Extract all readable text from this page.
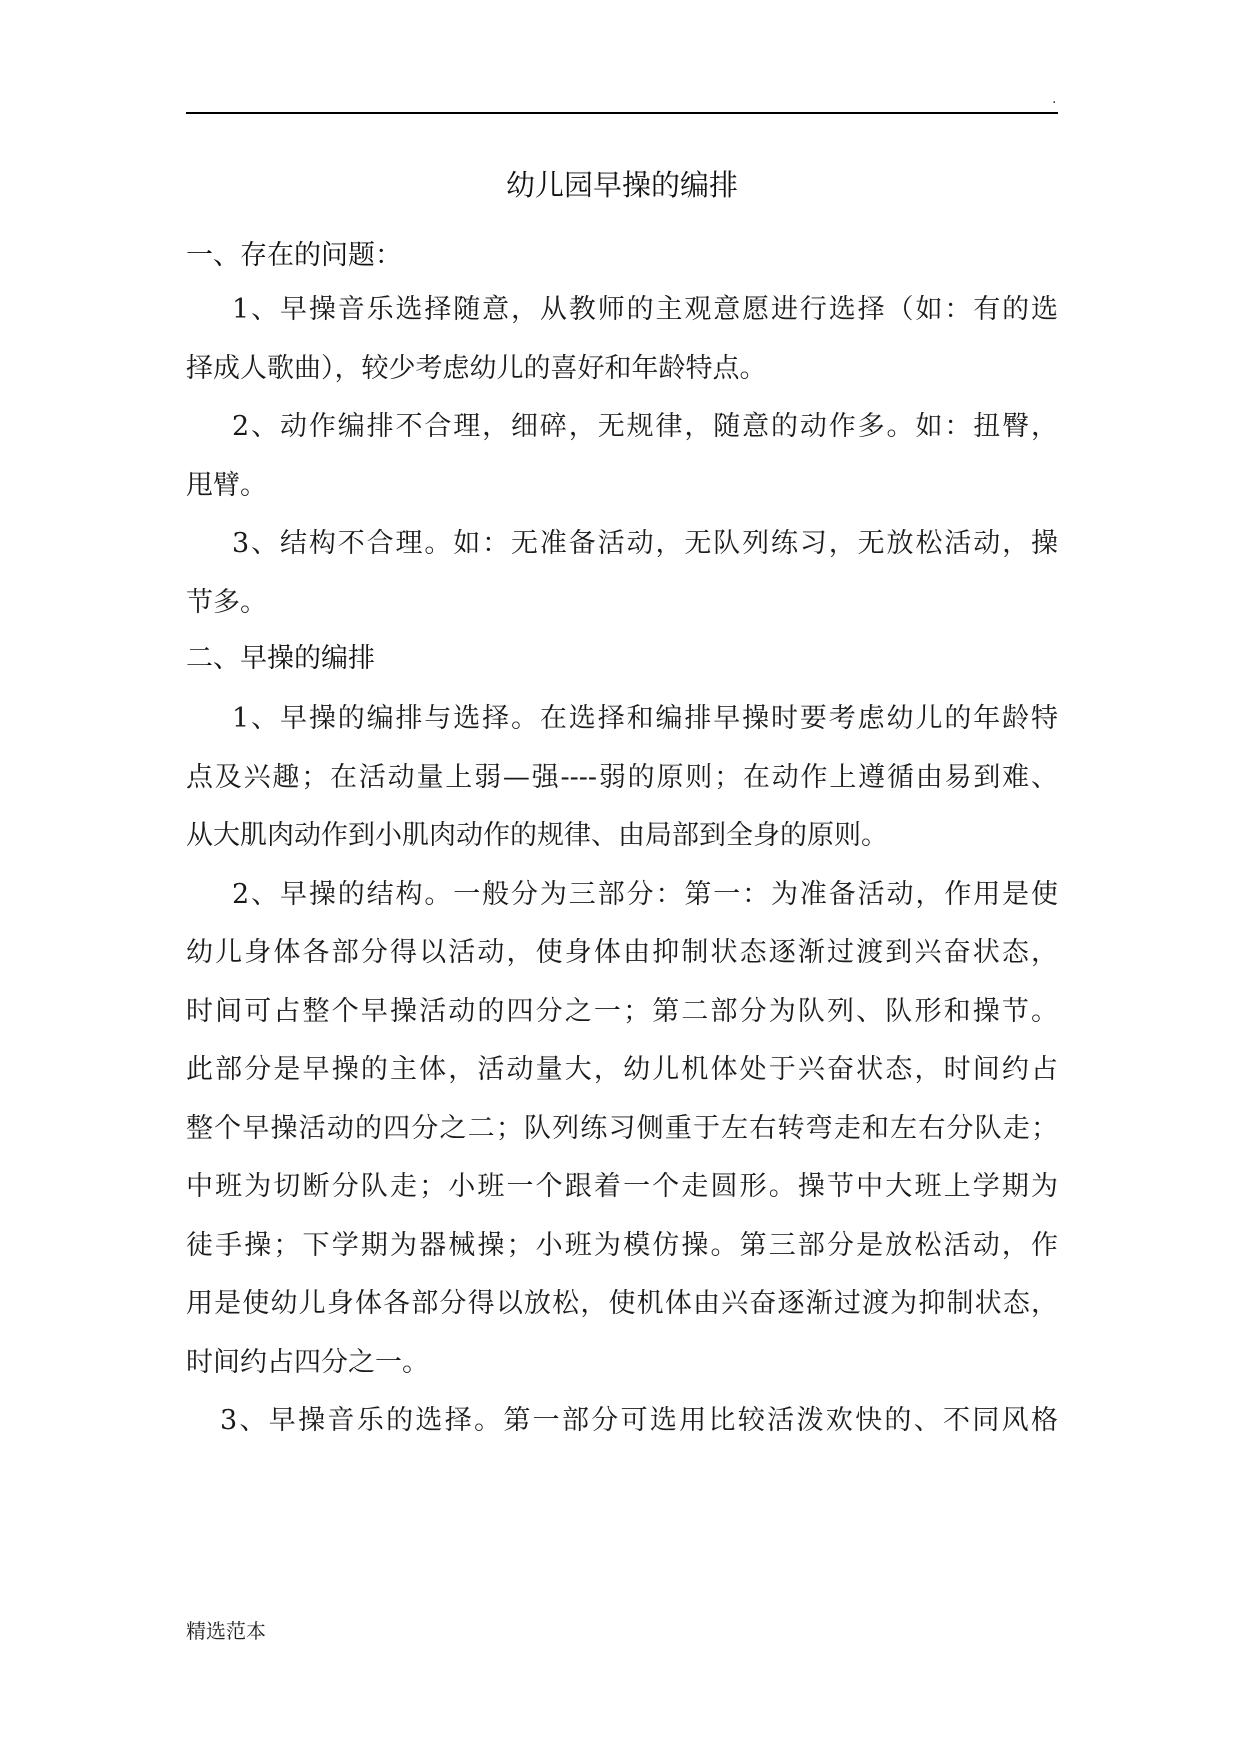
.
幼儿园早操的编排
一、存在的问题：
1、早操音乐选择随意，从教师的主观意愿进行选择（如：有的选
择成人歌曲），较少考虑幼儿的喜好和年龄特点。
2、动作编排不合理，细碎，无规律，随意的动作多。如：扭臀，
甩臂。
3、结构不合理。如：无准备活动，无队列练习，无放松活动，操
节多。
二、早操的编排
1、早操的编排与选择。在选择和编排早操时要考虑幼儿的年龄特
点及兴趣；在活动量上弱—强----弱的原则；在动作上遵循由易到难、
从大肌肉动作到小肌肉动作的规律、由局部到全身的原则。
2、早操的结构。一般分为三部分：第一：为准备活动，作用是使
幼儿身体各部分得以活动，使身体由抑制状态逐渐过渡到兴奋状态，
时间可占整个早操活动的四分之一；第二部分为队列、队形和操节。
此部分是早操的主体，活动量大，幼儿机体处于兴奋状态，时间约占
整个早操活动的四分之二；队列练习侧重于左右转弯走和左右分队走；
中班为切断分队走；小班一个跟着一个走圆形。操节中大班上学期为
徒手操；下学期为器械操；小班为模仿操。第三部分是放松活动，作
用是使幼儿身体各部分得以放松，使机体由兴奋逐渐过渡为抑制状态，
时间约占四分之一。
3、早操音乐的选择。第一部分可选用比较活泼欢快的、不同风格
精选范本
